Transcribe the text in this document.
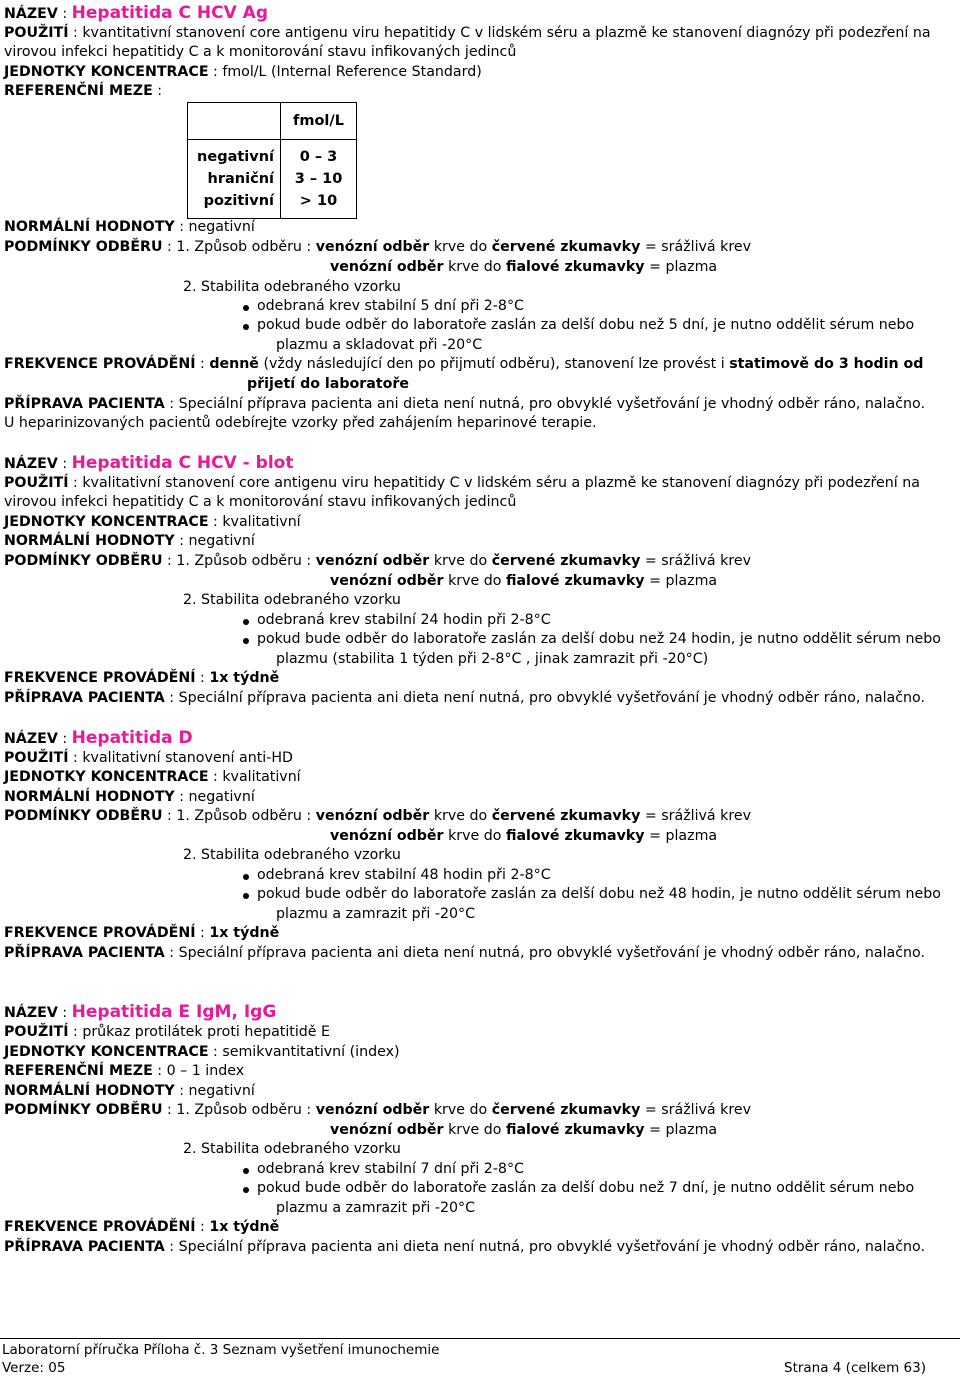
NÁZEV : Hepatitida C HCV Ag
POUŽITÍ : kvantitativní stanovení core antigenu viru hepatitidy C v lidském séru a plazmě ke stanovení diagnózy při podezření na
virovou infekci hepatitidy C a k monitorování stavu infikovaných jedinců
JEDNOTKY KONCENTRACE : fmol/L (Internal Reference Standard)
REFERENČNÍ MEZE :
	fmol/L
negativní	0 – 3
hraniční	3 – 10
pozitivní	> 10
NORMÁLNÍ HODNOTY : negativní
PODMÍNKY ODBĚRU : 1. Způsob odběru : venózní odběr krve do červené zkumavky = srážlivá krev
venózní odběr krve do fialové zkumavky = plazma
2. Stabilita odebraného vzorku
odebraná krev stabilní 5 dní při 2-8°C
pokud bude odběr do laboratoře zaslán za delší dobu než 5 dní, je nutno oddělit sérum nebo
plazmu a skladovat při -20°C
FREKVENCE PROVÁDĚNÍ : denně (vždy následující den po přijmutí odběru), stanovení lze provést i statimově do 3 hodin od
přijetí do laboratoře
PŘÍPRAVA PACIENTA : Speciální příprava pacienta ani dieta není nutná, pro obvyklé vyšetřování je vhodný odběr ráno, nalačno.
U heparinizovaných pacientů odebírejte vzorky před zahájením heparinové terapie.
NÁZEV : Hepatitida C HCV - blot
POUŽITÍ : kvalitativní stanovení core antigenu viru hepatitidy C v lidském séru a plazmě ke stanovení diagnózy při podezření na
virovou infekci hepatitidy C a k monitorování stavu infikovaných jedinců
JEDNOTKY KONCENTRACE : kvalitativní
NORMÁLNÍ HODNOTY : negativní
PODMÍNKY ODBĚRU : 1. Způsob odběru : venózní odběr krve do červené zkumavky = srážlivá krev
venózní odběr krve do fialové zkumavky = plazma
2. Stabilita odebraného vzorku
odebraná krev stabilní 24 hodin při 2-8°C
pokud bude odběr do laboratoře zaslán za delší dobu než 24 hodin, je nutno oddělit sérum nebo
plazmu (stabilita 1 týden při 2-8°C , jinak zamrazit při -20°C)
FREKVENCE PROVÁDĚNÍ : 1x týdně
PŘÍPRAVA PACIENTA : Speciální příprava pacienta ani dieta není nutná, pro obvyklé vyšetřování je vhodný odběr ráno, nalačno.
NÁZEV : Hepatitida D
POUŽITÍ : kvalitativní stanovení anti-HD
JEDNOTKY KONCENTRACE : kvalitativní
NORMÁLNÍ HODNOTY : negativní
PODMÍNKY ODBĚRU : 1. Způsob odběru : venózní odběr krve do červené zkumavky = srážlivá krev
venózní odběr krve do fialové zkumavky = plazma
2. Stabilita odebraného vzorku
odebraná krev stabilní 48 hodin při 2-8°C
pokud bude odběr do laboratoře zaslán za delší dobu než 48 hodin, je nutno oddělit sérum nebo
plazmu a zamrazit při -20°C
FREKVENCE PROVÁDĚNÍ : 1x týdně
PŘÍPRAVA PACIENTA : Speciální příprava pacienta ani dieta není nutná, pro obvyklé vyšetřování je vhodný odběr ráno, nalačno.
NÁZEV : Hepatitida E IgM, IgG
POUŽITÍ : průkaz protilátek proti hepatitidě E
JEDNOTKY KONCENTRACE : semikvantitativní (index)
REFERENČNÍ MEZE : 0 – 1 index
NORMÁLNÍ HODNOTY : negativní
PODMÍNKY ODBĚRU : 1. Způsob odběru : venózní odběr krve do červené zkumavky = srážlivá krev
venózní odběr krve do fialové zkumavky = plazma
2. Stabilita odebraného vzorku
odebraná krev stabilní 7 dní při 2-8°C
pokud bude odběr do laboratoře zaslán za delší dobu než 7 dní, je nutno oddělit sérum nebo
plazmu a zamrazit při -20°C
FREKVENCE PROVÁDĚNÍ : 1x týdně
PŘÍPRAVA PACIENTA : Speciální příprava pacienta ani dieta není nutná, pro obvyklé vyšetřování je vhodný odběr ráno, nalačno.
Laboratorní příručka Příloha č. 3 Seznam vyšetření imunochemie
Verze: 05	Strana 4 (celkem 63)
